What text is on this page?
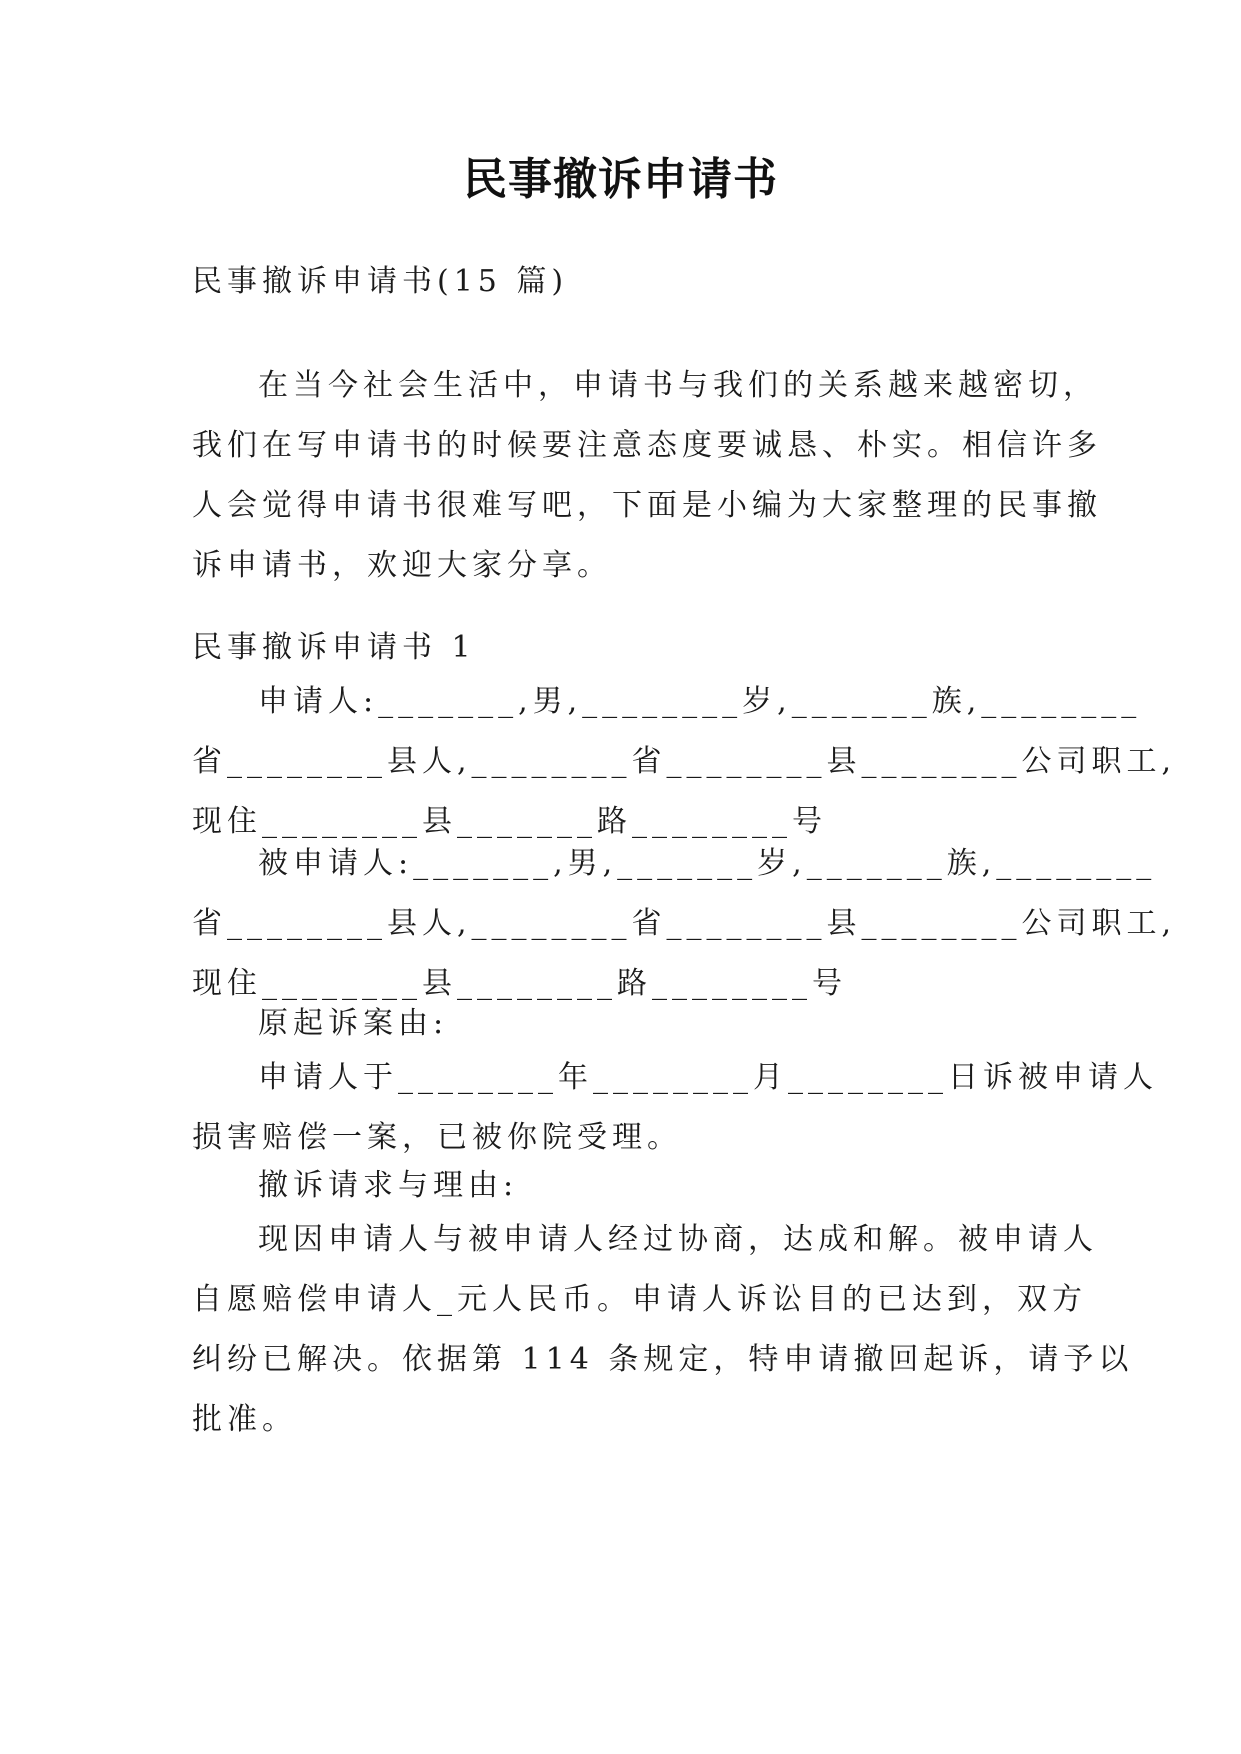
民事撤诉申请书
民事撤诉申请书(15 篇)
在当今社会生活中，申请书与我们的关系越来越密切，
我们在写申请书的时候要注意态度要诚恳、朴实。相信许多
人会觉得申请书很难写吧，下面是小编为大家整理的民事撤
诉申请书，欢迎大家分享。
民事撤诉申请书 1
申请人:_______,男,________岁,_______族,________
省________县人,________省________县________公司职工,
现住________县_______路________号
被申请人:_______,男,_______岁,_______族,________
省________县人,________省________县________公司职工,
现住________县________路________号
原起诉案由:
申请人于________年________月________日诉被申请人
损害赔偿一案，已被你院受理。
撤诉请求与理由:
现因申请人与被申请人经过协商，达成和解。被申请人
自愿赔偿申请人_元人民币。申请人诉讼目的已达到，双方
纠纷已解决。依据第 114 条规定，特申请撤回起诉，请予以
批准。
